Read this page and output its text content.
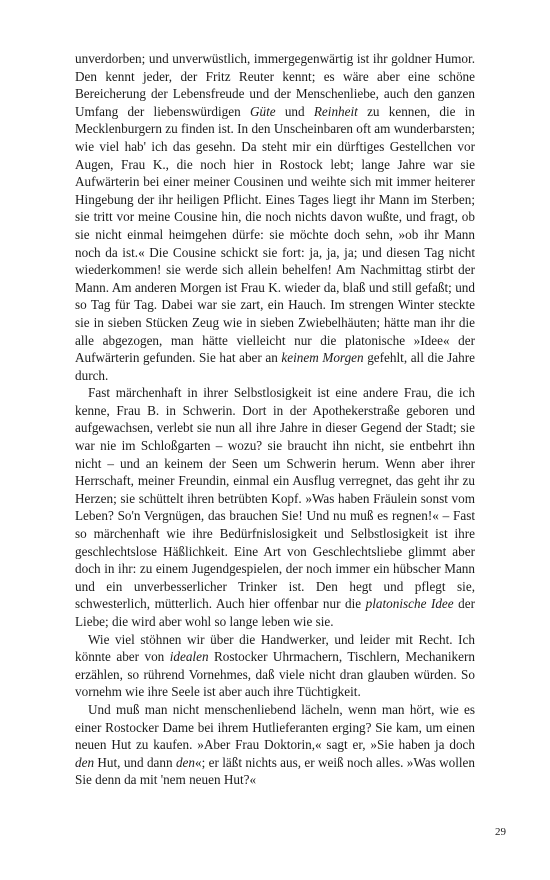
unverdorben; und unverwüstlich, immergegenwärtig ist ihr goldner Humor. Den kennt jeder, der Fritz Reuter kennt; es wäre aber eine schöne Bereicherung der Lebensfreude und der Menschenliebe, auch den ganzen Umfang der liebenswürdigen Güte und Reinheit zu kennen, die in Mecklenburgern zu finden ist. In den Unscheinbaren oft am wunderbarsten; wie viel hab' ich das gesehn. Da steht mir ein dürftiges Gestellchen vor Augen, Frau K., die noch hier in Rostock lebt; lange Jahre war sie Aufwärterin bei einer meiner Cousinen und weihte sich mit immer heiterer Hingebung der ihr heiligen Pflicht. Eines Tages liegt ihr Mann im Sterben; sie tritt vor meine Cousine hin, die noch nichts davon wußte, und fragt, ob sie nicht einmal heimgehen dürfe: sie möchte doch sehn, »ob ihr Mann noch da ist.« Die Cousine schickt sie fort: ja, ja, ja; und diesen Tag nicht wiederkommen! sie werde sich allein behelfen! Am Nachmittag stirbt der Mann. Am anderen Morgen ist Frau K. wieder da, blaß und still gefaßt; und so Tag für Tag. Dabei war sie zart, ein Hauch. Im strengen Winter steckte sie in sieben Stücken Zeug wie in sieben Zwiebelhäuten; hätte man ihr die alle abgezogen, man hätte vielleicht nur die platonische »Idee« der Aufwärterin gefunden. Sie hat aber an keinem Morgen gefehlt, all die Jahre durch.

Fast märchenhaft in ihrer Selbstlosigkeit ist eine andere Frau, die ich kenne, Frau B. in Schwerin. Dort in der Apothekerstraße geboren und aufgewachsen, verlebt sie nun all ihre Jahre in dieser Gegend der Stadt; sie war nie im Schloßgarten – wozu? sie braucht ihn nicht, sie entbehrt ihn nicht – und an keinem der Seen um Schwerin herum. Wenn aber ihrer Herrschaft, meiner Freundin, einmal ein Ausflug verregnet, das geht ihr zu Herzen; sie schüttelt ihren betrübten Kopf. »Was haben Fräulein sonst vom Leben? So'n Vergnügen, das brauchen Sie! Und nu muß es regnen!« – Fast so märchenhaft wie ihre Bedürfnislosigkeit und Selbstlosigkeit ist ihre geschlechtslose Häßlichkeit. Eine Art von Geschlechtsliebe glimmt aber doch in ihr: zu einem Jugendgespielen, der noch immer ein hübscher Mann und ein unverbesserlicher Trinker ist. Den hegt und pflegt sie, schwesterlich, mütterlich. Auch hier offenbar nur die platonische Idee der Liebe; die wird aber wohl so lange leben wie sie.

Wie viel stöhnen wir über die Handwerker, und leider mit Recht. Ich könnte aber von idealen Rostocker Uhrmachern, Tischlern, Mechanikern erzählen, so rührend Vornehmes, daß viele nicht dran glauben würden. So vornehm wie ihre Seele ist aber auch ihre Tüchtigkeit.

Und muß man nicht menschenliebend lächeln, wenn man hört, wie es einer Rostocker Dame bei ihrem Hutlieferanten erging? Sie kam, um einen neuen Hut zu kaufen. »Aber Frau Doktorin,« sagt er, »Sie haben ja doch den Hut, und dann den«; er läßt nichts aus, er weiß noch alles. »Was wollen Sie denn da mit 'nem neuen Hut?«

29
